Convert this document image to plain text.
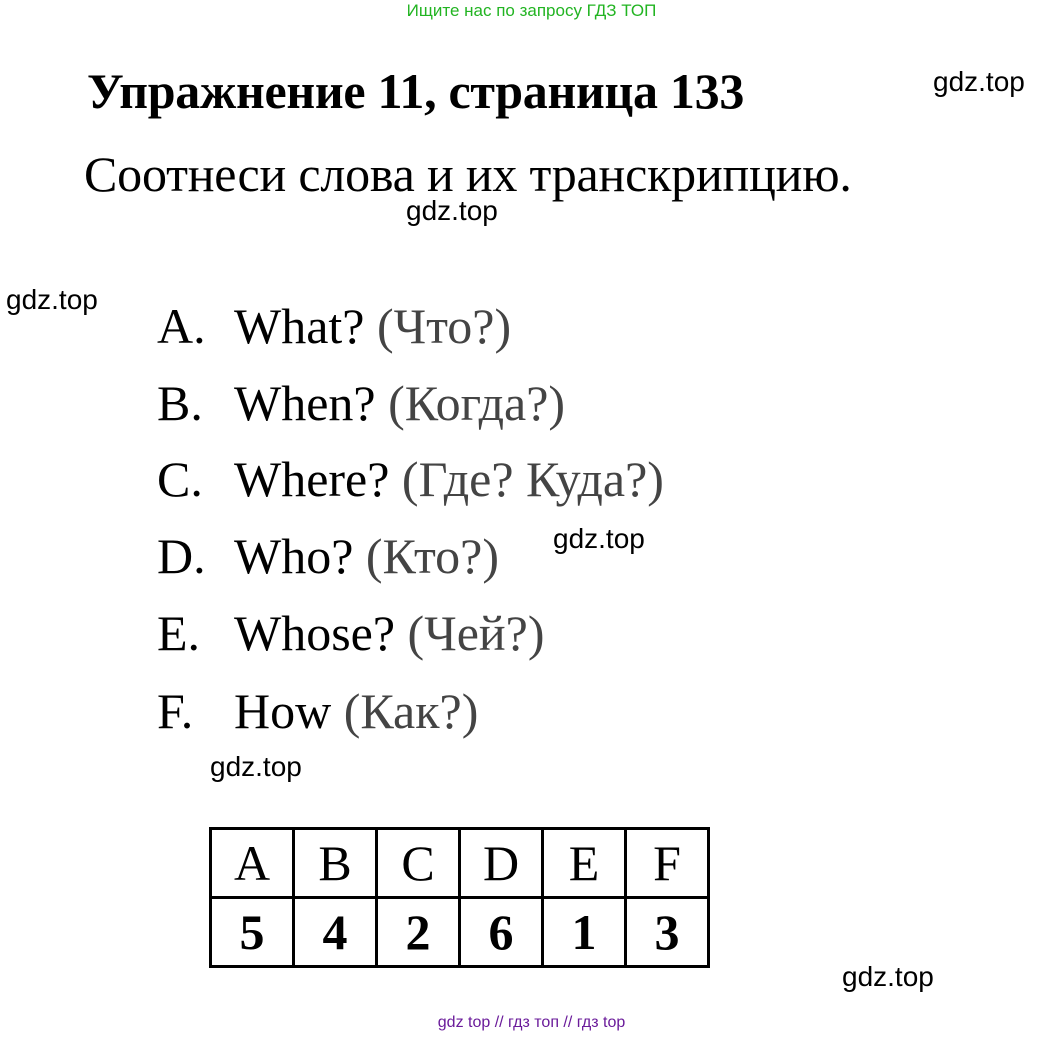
Ищите нас по запросу ГДЗ ТОП
Упражнение 11, страница 133	gdz.top
Соотнеси слова и их транскрипцию.
gdz.top
gdz.top A. What? (Что?)
B. When? (Когда?)
C. Where? (Где? Куда?)
D. Who? (Кто?) gdz.top
E. Whose? (Чей?)
F. How (Как?)
gdz.top
A	B	C	D	E	F
5	4	2	6	1	3
gdz.top
gdz top // гдз топ // гдз top
